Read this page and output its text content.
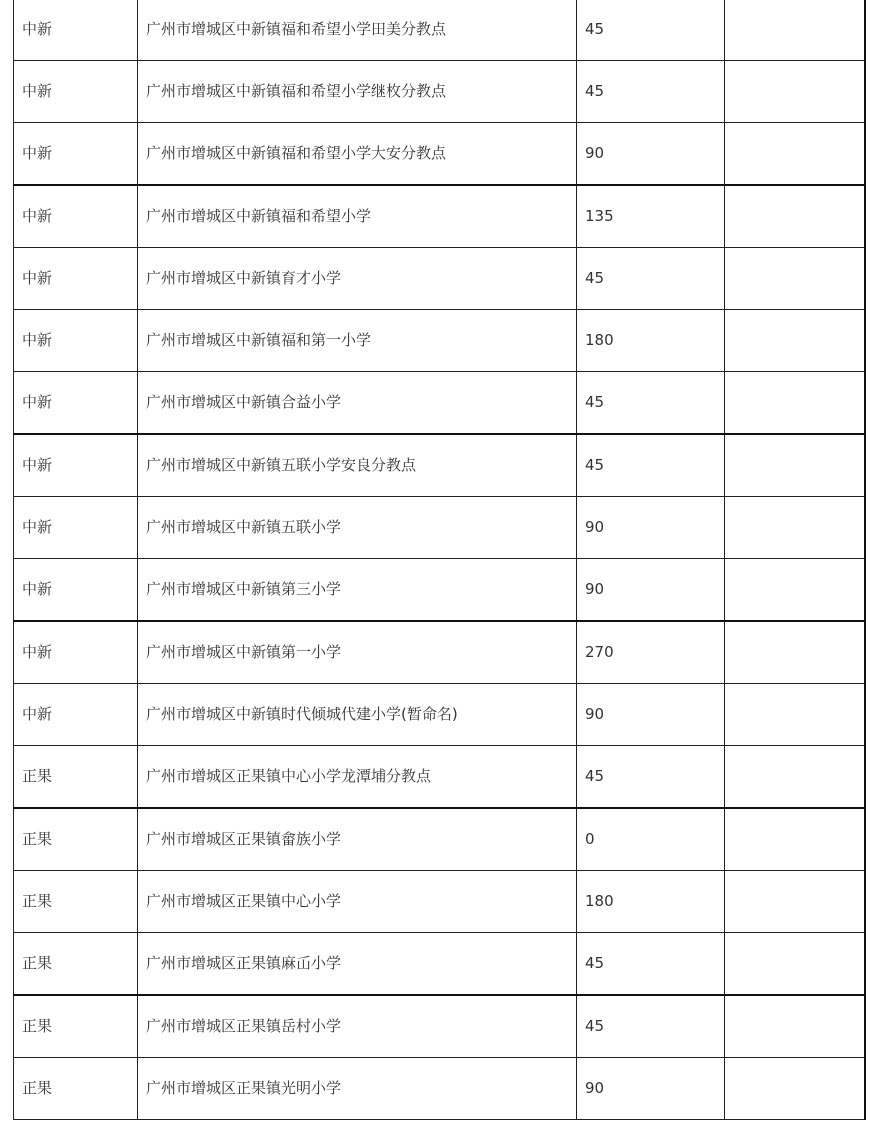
中新	广州市增城区中新镇福和希望小学田美分教点	45	
中新	广州市增城区中新镇福和希望小学继枚分教点	45	
中新	广州市增城区中新镇福和希望小学大安分教点	90	
中新	广州市增城区中新镇福和希望小学	135	
中新	广州市增城区中新镇育才小学	45	
中新	广州市增城区中新镇福和第一小学	180	
中新	广州市增城区中新镇合益小学	45	
中新	广州市增城区中新镇五联小学安良分教点	45	
中新	广州市增城区中新镇五联小学	90	
中新	广州市增城区中新镇第三小学	90	
中新	广州市增城区中新镇第一小学	270	
中新	广州市增城区中新镇时代倾城代建小学(暂命名)	90	
正果	广州市增城区正果镇中心小学龙潭埔分教点	45	
正果	广州市增城区正果镇畲族小学	0	
正果	广州市增城区正果镇中心小学	180	
正果	广州市增城区正果镇麻屲小学	45	
正果	广州市增城区正果镇岳村小学	45	
正果	广州市增城区正果镇光明小学	90	
